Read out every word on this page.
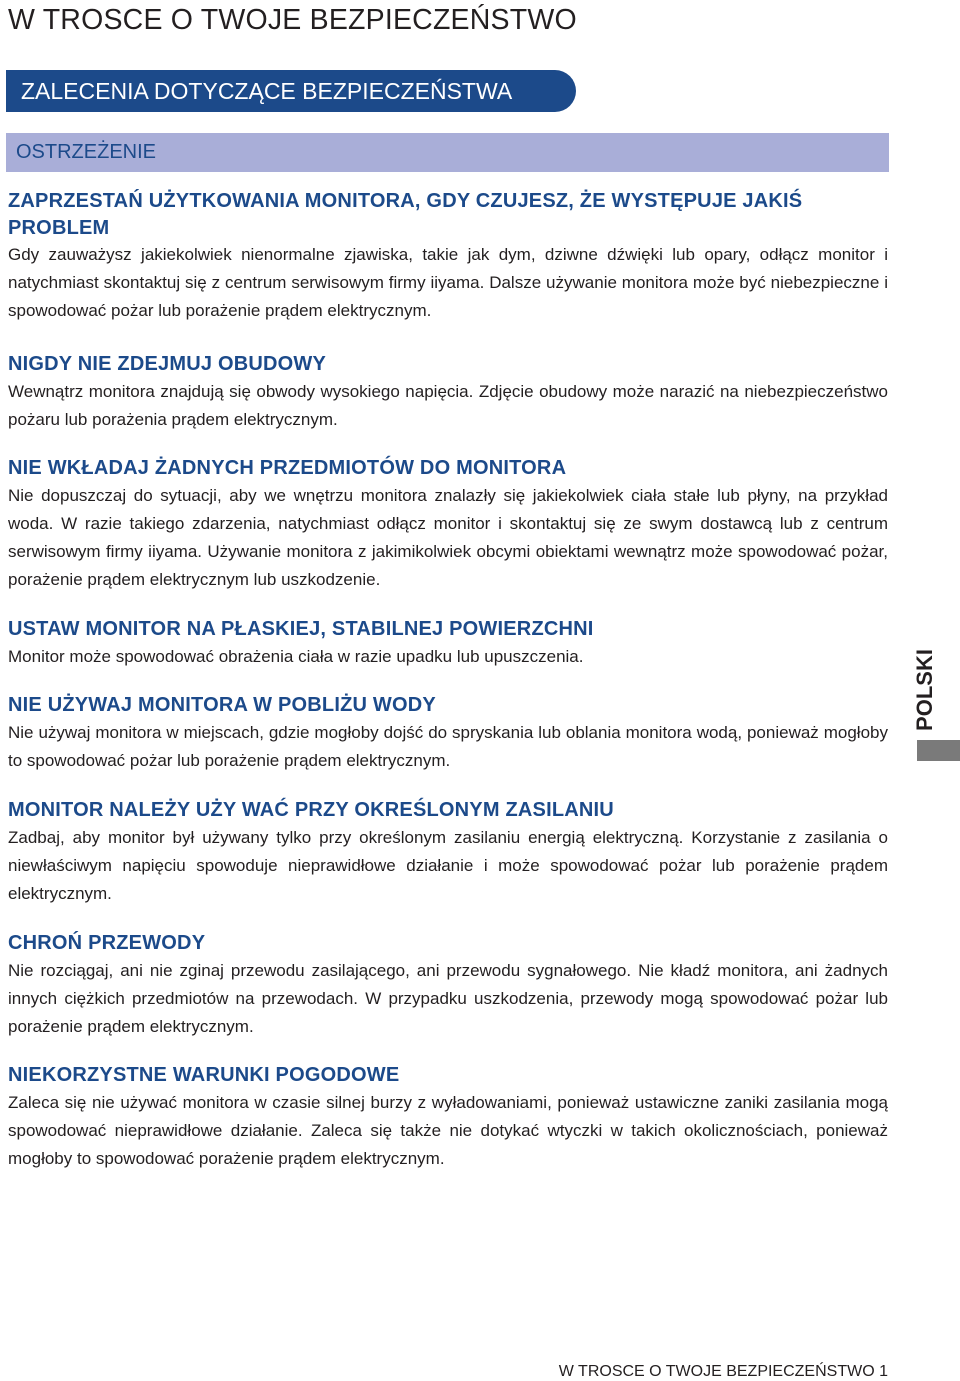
W TROSCE O TWOJE BEZPIECZEŃSTWO
ZALECENIA DOTYCZĄCE BEZPIECZEŃSTWA
OSTRZEŻENIE
ZAPRZESTAŃ UŻYTKOWANIA MONITORA, GDY CZUJESZ, ŻE WYSTĘPUJE JAKIŚ PROBLEM
Gdy zauważysz jakiekolwiek nienormalne zjawiska, takie jak dym, dziwne dźwięki lub opary, odłącz monitor i natychmiast skontaktuj się z centrum serwisowym firmy iiyama. Dalsze używanie monitora może być niebezpieczne i spowodować pożar lub porażenie prądem elektrycznym.
NIGDY NIE ZDEJMUJ OBUDOWY
Wewnątrz monitora znajdują się obwody wysokiego napięcia. Zdjęcie obudowy może narazić na niebezpieczeństwo pożaru lub porażenia prądem elektrycznym.
NIE WKŁADAJ ŻADNYCH PRZEDMIOTÓW DO MONITORA
Nie dopuszczaj do sytuacji, aby we wnętrzu monitora znalazły się jakiekolwiek ciała stałe lub płyny, na przykład woda. W razie takiego zdarzenia, natychmiast odłącz monitor i skontaktuj się ze swym dostawcą lub z centrum serwisowym firmy iiyama. Używanie monitora z jakimikolwiek obcymi obiektami wewnątrz może spowodować pożar, porażenie prądem elektrycznym lub uszkodzenie.
USTAW MONITOR NA PŁASKIEJ, STABILNEJ POWIERZCHNI
Monitor może spowodować obrażenia ciała w razie upadku lub upuszczenia.
NIE UŻYWAJ MONITORA W POBLIŻU WODY
Nie używaj monitora w miejscach, gdzie mogłoby dojść do spryskania lub oblania monitora wodą, ponieważ mogłoby to spowodować pożar lub porażenie prądem elektrycznym.
MONITOR NALEŻY UŻY WAĆ PRZY OKREŚLONYM ZASILANIU
Zadbaj, aby monitor był używany tylko przy określonym zasilaniu energią elektryczną. Korzystanie z zasilania o niewłaściwym napięciu spowoduje nieprawidłowe działanie i może spowodować pożar lub porażenie prądem elektrycznym.
CHROŃ PRZEWODY
Nie rozciągaj, ani nie zginaj przewodu zasilającego, ani przewodu sygnałowego. Nie kładź monitora, ani żadnych innych ciężkich przedmiotów na przewodach. W przypadku uszkodzenia, przewody mogą spowodować pożar lub porażenie prądem elektrycznym.
NIEKORZYSTNE WARUNKI POGODOWE
Zaleca się nie używać monitora w czasie silnej burzy z wyładowaniami, ponieważ ustawiczne zaniki zasilania mogą spowodować nieprawidłowe działanie. Zaleca się także nie dotykać wtyczki w takich okolicznościach, ponieważ mogłoby to spowodować porażenie prądem elektrycznym.
POLSKI
W TROSCE O TWOJE BEZPIECZEŃSTWO 1
